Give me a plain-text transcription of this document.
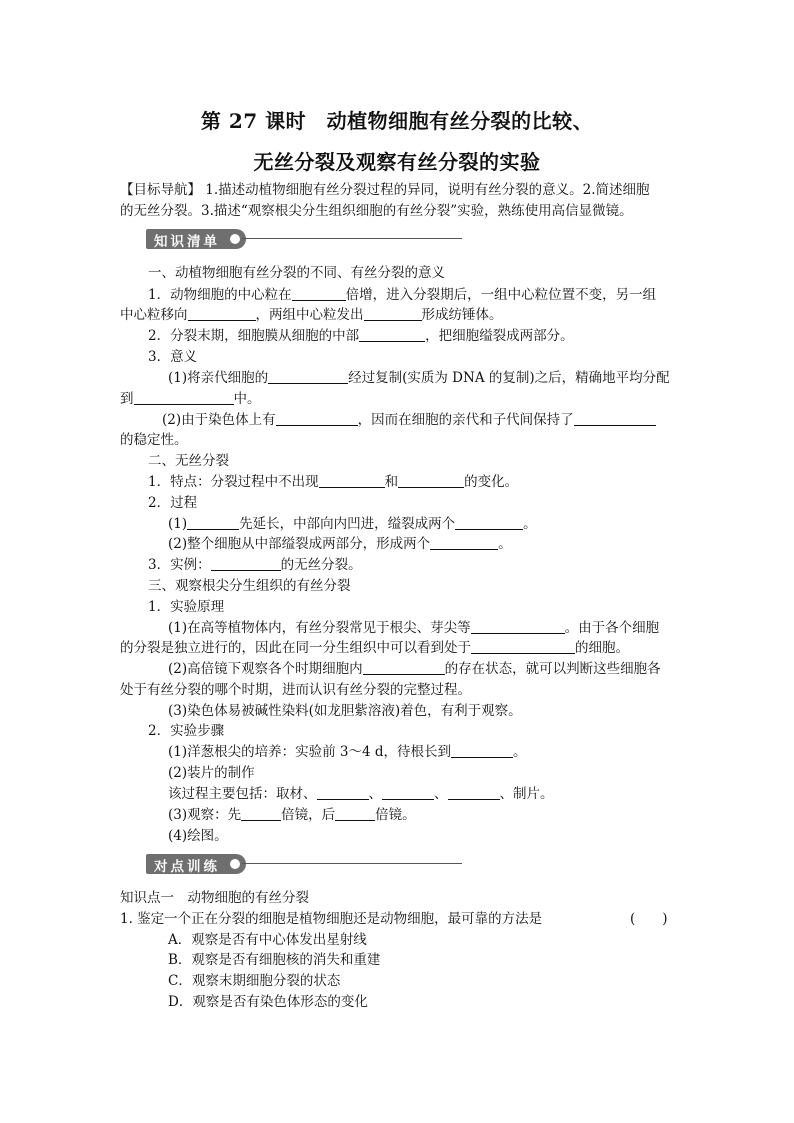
第 27 课时　动植物细胞有丝分裂的比较、
无丝分裂及观察有丝分裂的实验
【目标导航】 1.描述动植物细胞有丝分裂过程的异同，说明有丝分裂的意义。2.简述细胞
的无丝分裂。3.描述“观察根尖分生组织细胞的有丝分裂”实验，熟练使用高信显微镜。
知识清单
一、动植物细胞有丝分裂的不同、有丝分裂的意义
1．动物细胞的中心粒在	倍增，进入分裂期后，一组中心粒位置不变，另一组
中心粒移向	，两组中心粒发出	形成纺锤体。
2．分裂末期，细胞膜从细胞的中部	，把细胞缢裂成两部分。
3．意义
(1)将亲代细胞的	经过复制(实质为 DNA 的复制)之后，精确地平均分配
到	中。
(2)由于染色体上有	，因而在细胞的亲代和子代间保持了
的稳定性。
二、无丝分裂
1．特点：分裂过程中不出现	和	的变化。
2．过程
(1)	先延长，中部向内凹进，缢裂成两个	。
(2)整个细胞从中部缢裂成两部分，形成两个	。
3．实例：	的无丝分裂。
三、观察根尖分生组织的有丝分裂
1．实验原理
(1)在高等植物体内，有丝分裂常见于根尖、芽尖等	。由于各个细胞
的分裂是独立进行的，因此在同一分生组织中可以看到处于	的细胞。
(2)高倍镜下观察各个时期细胞内	的存在状态，就可以判断这些细胞各
处于有丝分裂的哪个时期，进而认识有丝分裂的完整过程。
(3)染色体易被碱性染料(如龙胆紫溶液)着色，有利于观察。
2．实验步骤
(1)洋葱根尖的培养：实验前 3～4 d，待根长到	。
(2)装片的制作
该过程主要包括：取材、	、	、	、制片。
(3)观察：先	倍镜，后	倍镜。
(4)绘图。
对点训练
知识点一　动物细胞的有丝分裂
1. 鉴定一个正在分裂的细胞是植物细胞还是动物细胞，最可靠的方法是	(　　)
A．观察是否有中心体发出星射线
B．观察是否有细胞核的消失和重建
C．观察末期细胞分裂的状态
D．观察是否有染色体形态的变化
